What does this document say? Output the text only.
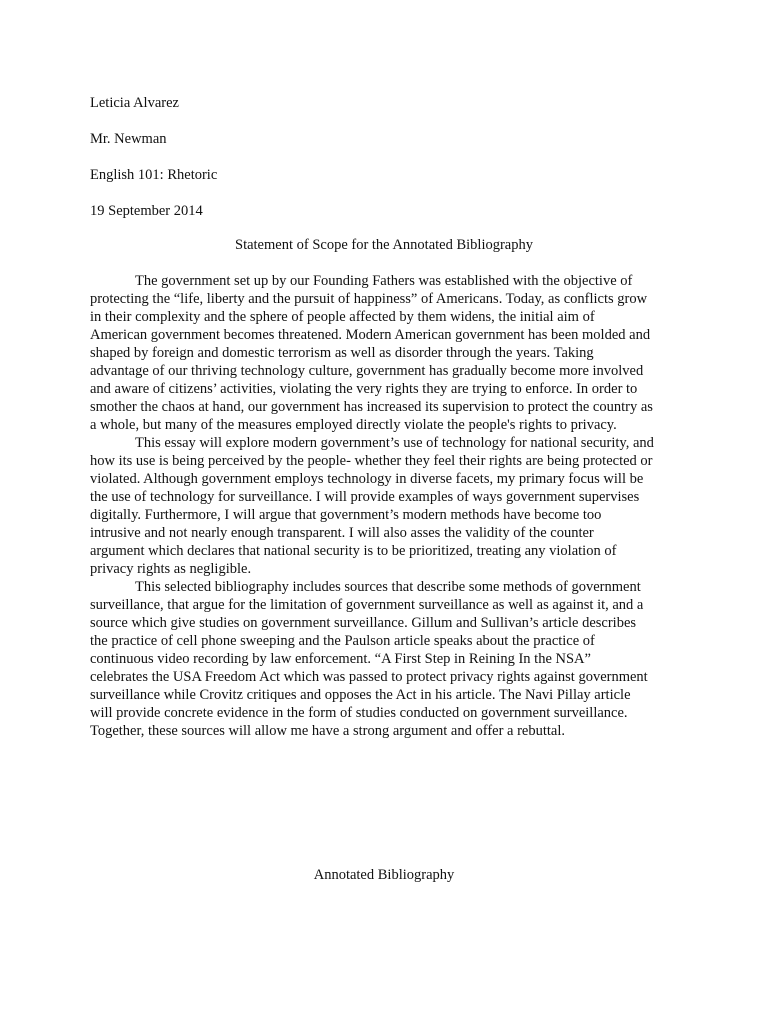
Leticia Alvarez
Mr. Newman
English 101: Rhetoric
19 September 2014
Statement of Scope for the Annotated Bibliography
The government set up by our Founding Fathers was established with the objective of
protecting the “life, liberty and the pursuit of happiness” of Americans. Today, as conflicts grow
in their complexity and the sphere of people affected by them widens, the initial aim of
American government becomes threatened. Modern American government has been molded and
shaped by foreign and domestic terrorism as well as disorder through the years. Taking
advantage of our thriving technology culture, government has gradually become more involved
and aware of citizens’ activities, violating the very rights they are trying to enforce. In order to
smother the chaos at hand, our government has increased its supervision to protect the country as
a whole, but many of the measures employed directly violate the people's rights to privacy.
This essay will explore modern government’s use of technology for national security, and
how its use is being perceived by the people- whether they feel their rights are being protected or
violated. Although government employs technology in diverse facets, my primary focus will be
the use of technology for surveillance. I will provide examples of ways government supervises
digitally. Furthermore, I will argue that government’s modern methods have become too
intrusive and not nearly enough transparent. I will also asses the validity of the counter
argument which declares that national security is to be prioritized, treating any violation of
privacy rights as negligible.
This selected bibliography includes sources that describe some methods of government
surveillance, that argue for the limitation of government surveillance as well as against it, and a
source which give studies on government surveillance. Gillum and Sullivan’s article describes
the practice of cell phone sweeping and the Paulson article speaks about the practice of
continuous video recording by law enforcement. “A First Step in Reining In the NSA”
celebrates the USA Freedom Act which was passed to protect privacy rights against government
surveillance while Crovitz critiques and opposes the Act in his article. The Navi Pillay article
will provide concrete evidence in the form of studies conducted on government surveillance.
Together, these sources will allow me have a strong argument and offer a rebuttal.
Annotated Bibliography
